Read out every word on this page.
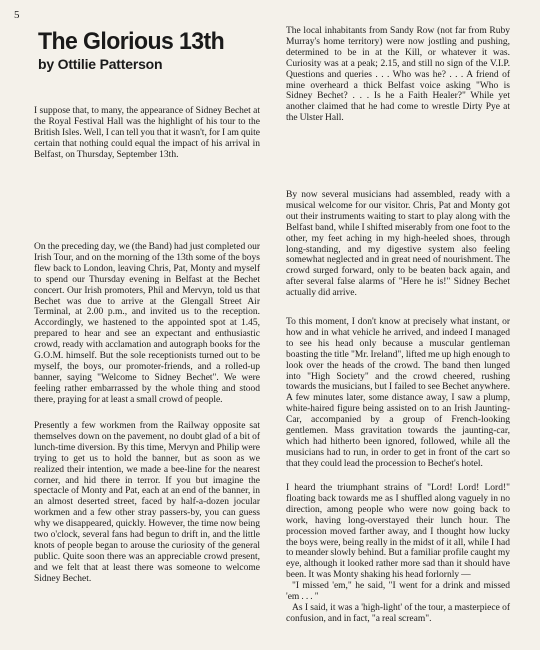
5
The Glorious 13th
by Ottilie Patterson

I suppose that, to many, the appearance of Sidney Bechet at the Royal Festival Hall was the highlight of his tour to the British Isles. Well, I can tell you that it wasn't, for I am quite certain that nothing could equal the impact of his arrival in Belfast, on Thursday, September 13th.

On the preceding day, we (the Band) had just completed our Irish Tour, and on the morning of the 13th some of the boys flew back to London, leaving Chris, Pat, Monty and myself to spend our Thursday evening in Belfast at the Bechet concert. Our Irish promoters, Phil and Mervyn, told us that Bechet was due to arrive at the Glengall Street Air Terminal, at 2.00 p.m., and invited us to the reception. Accordingly, we hastened to the appointed spot at 1.45, prepared to hear and see an expectant and enthusiastic crowd, ready with acclamation and autograph books for the G.O.M. himself. But the sole receptionists turned out to be myself, the boys, our promoter-friends, and a rolled-up banner, saying "Welcome to Sidney Bechet". We were feeling rather embarrassed by the whole thing and stood there, praying for at least a small crowd of people.

Presently a few workmen from the Railway opposite sat themselves down on the pavement, no doubt glad of a bit of lunch-time diversion. By this time, Mervyn and Philip were trying to get us to hold the banner, but as soon as we realized their intention, we made a bee-line for the nearest corner, and hid there in terror. If you but imagine the spectacle of Monty and Pat, each at an end of the banner, in an almost deserted street, faced by half-a-dozen jocular workmen and a few other stray passers-by, you can guess why we disappeared, quickly. However, the time now being two o'clock, several fans had begun to drift in, and the little knots of people began to arouse the curiosity of the general public. Quite soon there was an appreciable crowd present, and we felt that at least there was someone to welcome Sidney Bechet.

The local inhabitants from Sandy Row (not far from Ruby Murray's home territory) were now jostling and pushing, determined to be in at the Kill, or whatever it was. Curiosity was at a peak; 2.15, and still no sign of the V.I.P. Questions and queries . . . Who was he? . . . A friend of mine overheard a thick Belfast voice asking "Who is Sidney Bechet? . . . Is he a Faith Healer?" While yet another claimed that he had come to wrestle Dirty Pye at the Ulster Hall.

By now several musicians had assembled, ready with a musical welcome for our visitor. Chris, Pat and Monty got out their instruments waiting to start to play along with the Belfast band, while I shifted miserably from one foot to the other, my feet aching in my high-heeled shoes, through long-standing, and my digestive system also feeling somewhat neglected and in great need of nourishment. The crowd surged forward, only to be beaten back again, and after several false alarms of "Here he is!" Sidney Bechet actually did arrive.

To this moment, I don't know at precisely what instant, or how and in what vehicle he arrived, and indeed I managed to see his head only because a muscular gentleman boasting the title "Mr. Ireland", lifted me up high enough to look over the heads of the crowd. The band then lunged into "High Society" and the crowd cheered, rushing towards the musicians, but I failed to see Bechet anywhere. A few minutes later, some distance away, I saw a plump, white-haired figure being assisted on to an Irish Jaunting-Car, accompanied by a group of French-looking gentlemen. Mass gravitation towards the jaunting-car, which had hitherto been ignored, followed, while all the musicians had to run, in order to get in front of the cart so that they could lead the procession to Bechet's hotel.

I heard the triumphant strains of "Lord! Lord! Lord!" floating back towards me as I shuffled along vaguely in no direction, among people who were now going back to work, having long-overstayed their lunch hour. The procession moved farther away, and I thought how lucky the boys were, being really in the midst of it all, while I had to meander slowly behind. But a familiar profile caught my eye, although it looked rather more sad than it should have been. It was Monty shaking his head forlornly —
"I missed 'em," he said, "I went for a drink and missed 'em . . . "
As I said, it was a 'high-light' of the tour, a masterpiece of confusion, and in fact, "a real scream".
